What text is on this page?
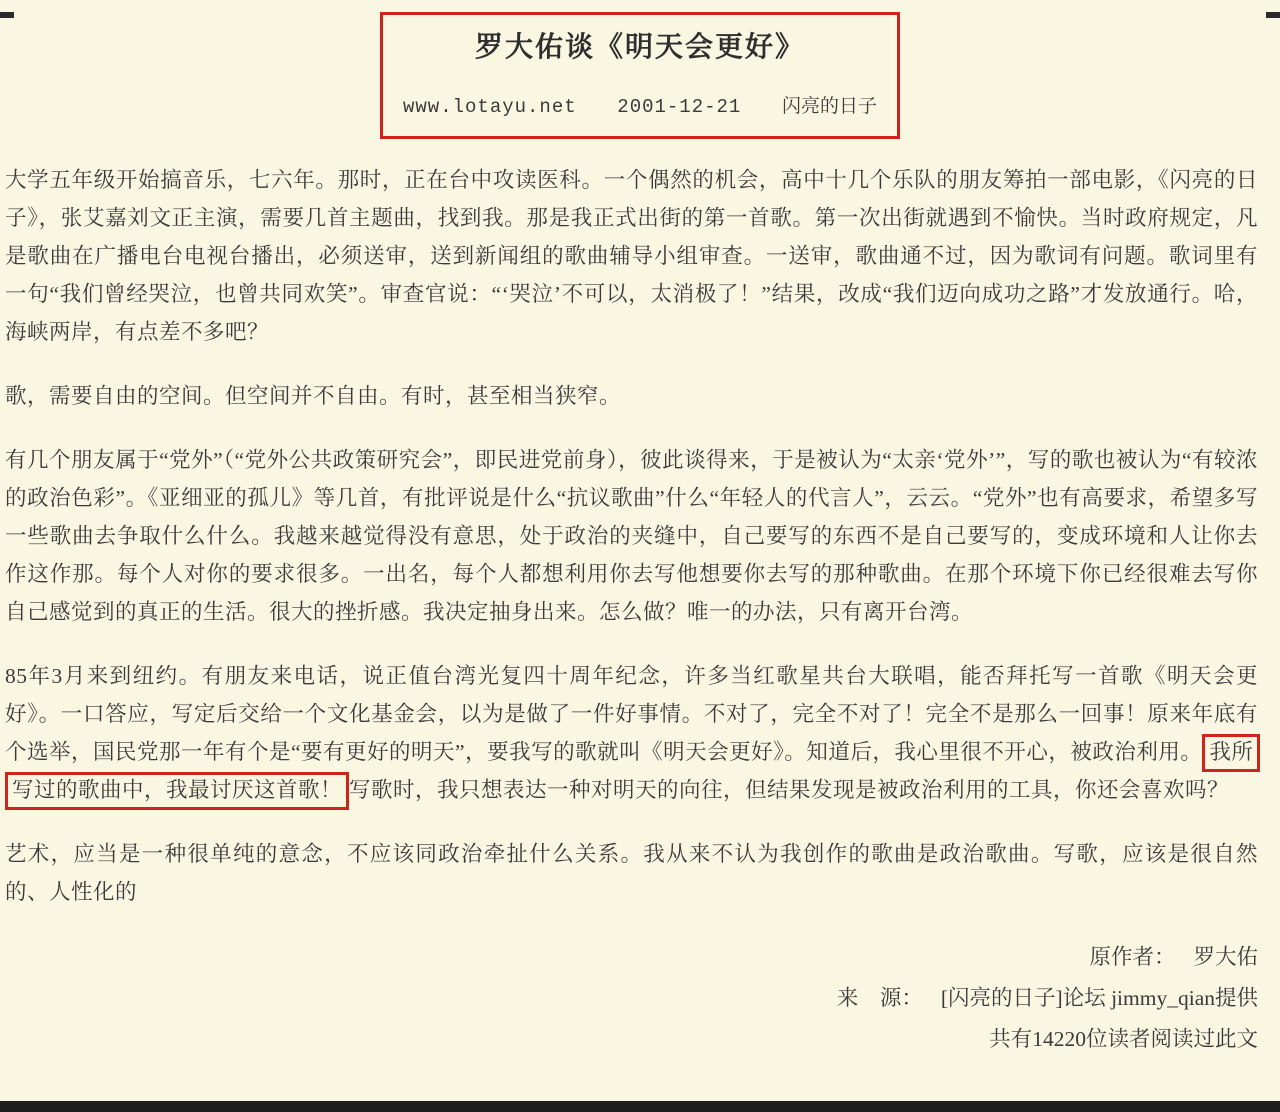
罗大佑谈《明天会更好》
www.lotayu.net 2001-12-21 闪亮的日子

大学五年级开始搞音乐，七六年。那时，正在台中攻读医科。一个偶然的机会，高中十几个乐队的朋友筹拍一部电影，《闪亮的日子》，张艾嘉刘文正主演，需要几首主题曲，找到我。那是我正式出街的第一首歌。第一次出街就遇到不愉快。当时政府规定，凡是歌曲在广播电台电视台播出，必须送审，送到新闻组的歌曲辅导小组审查。一送审，歌曲通不过，因为歌词有问题。歌词里有一句“我们曾经哭泣，也曾共同欢笑”。审查官说：“‘哭泣’不可以，太消极了！”结果，改成“我们迈向成功之路”才发放通行。哈，海峡两岸，有点差不多吧？

歌，需要自由的空间。但空间并不自由。有时，甚至相当狭窄。

有几个朋友属于“党外”（“党外公共政策研究会”，即民进党前身），彼此谈得来，于是被认为“太亲‘党外’”，写的歌也被认为“有较浓的政治色彩”。《亚细亚的孤儿》等几首，有批评说是什么“抗议歌曲”什么“年轻人的代言人”，云云。“党外”也有高要求，希望多写一些歌曲去争取什么什么。我越来越觉得没有意思，处于政治的夹缝中，自己要写的东西不是自己要写的，变成环境和人让你去作这作那。每个人对你的要求很多。一出名，每个人都想利用你去写他想要你去写的那种歌曲。在那个环境下你已经很难去写你自己感觉到的真正的生活。很大的挫折感。我决定抽身出来。怎么做？唯一的办法，只有离开台湾。

85年3月来到纽约。有朋友来电话，说正值台湾光复四十周年纪念，许多当红歌星共台大联唱，能否拜托写一首歌《明天会更好》。一口答应，写定后交给一个文化基金会，以为是做了一件好事情。不对了，完全不对了！完全不是那么一回事！原来年底有个选举，国民党那一年有个是“要有更好的明天”，要我写的歌就叫《明天会更好》。知道后，我心里很不开心，被政治利用。 我所写过的歌曲中，我最讨厌这首歌！ 写歌时，我只想表达一种对明天的向往，但结果发现是被政治利用的工具，你还会喜欢吗？

艺术，应当是一种很单纯的意念，不应该同政治牵扯什么关系。我从来不认为我创作的歌曲是政治歌曲。写歌，应该是很自然的、人性化的

原作者： 罗大佑
来　源： [闪亮的日子]论坛 jimmy_qian提供
共有14220位读者阅读过此文
